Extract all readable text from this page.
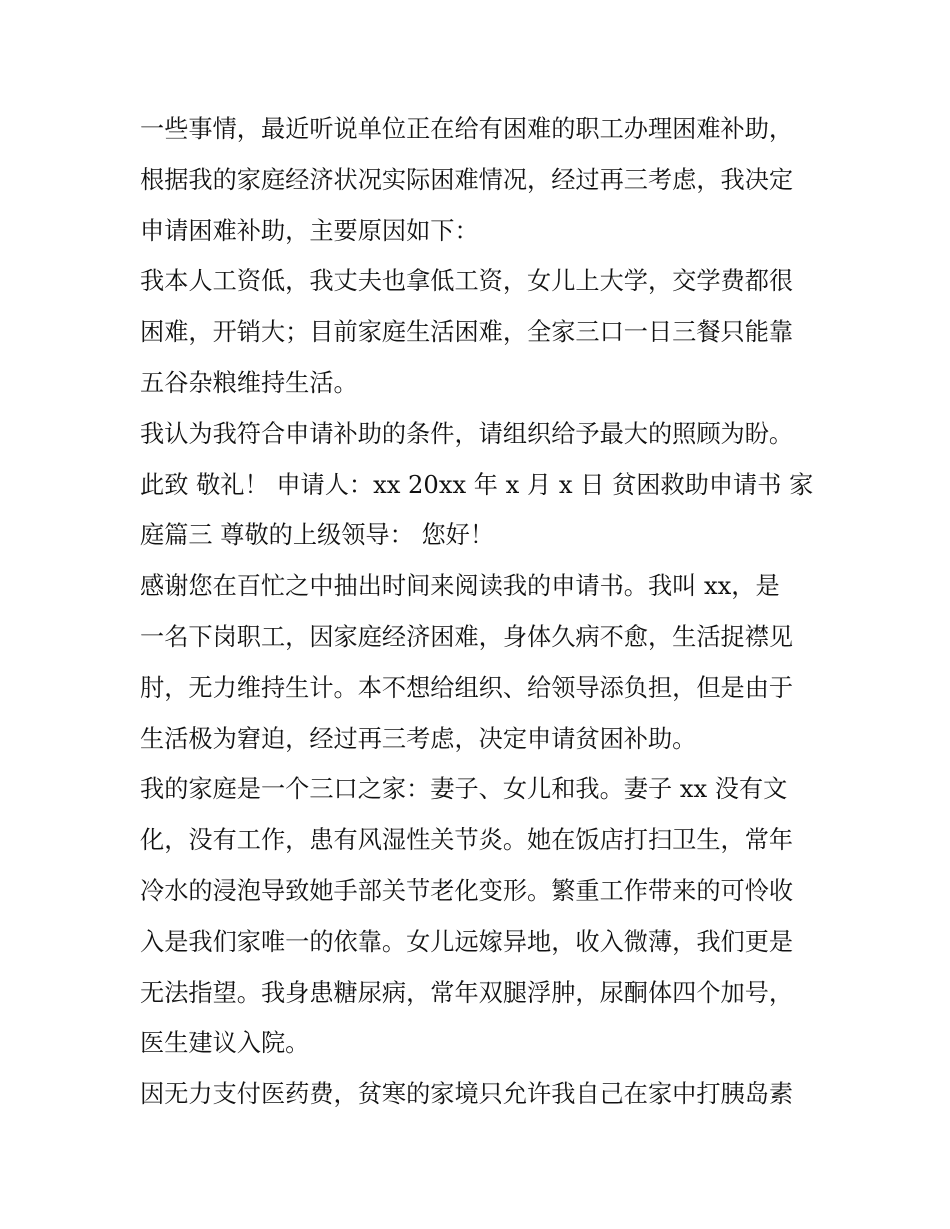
一些事情，最近听说单位正在给有困难的职工办理困难补助，
根据我的家庭经济状况实际困难情况，经过再三考虑，我决定
申请困难补助，主要原因如下：
我本人工资低，我丈夫也拿低工资，女儿上大学，交学费都很
困难，开销大；目前家庭生活困难，全家三口一日三餐只能靠
五谷杂粮维持生活。
我认为我符合申请补助的条件，请组织给予最大的照顾为盼。
此致 敬礼！ 申请人：xx 20xx 年 x 月 x 日 贫困救助申请书 家
庭篇三 尊敬的上级领导： 您好！
感谢您在百忙之中抽出时间来阅读我的申请书。我叫 xx，是
一名下岗职工，因家庭经济困难，身体久病不愈，生活捉襟见
肘，无力维持生计。本不想给组织、给领导添负担，但是由于
生活极为窘迫，经过再三考虑，决定申请贫困补助。
我的家庭是一个三口之家：妻子、女儿和我。妻子 xx 没有文
化，没有工作，患有风湿性关节炎。她在饭店打扫卫生，常年
冷水的浸泡导致她手部关节老化变形。繁重工作带来的可怜收
入是我们家唯一的依靠。女儿远嫁异地，收入微薄，我们更是
无法指望。我身患糖尿病，常年双腿浮肿，尿酮体四个加号，
医生建议入院。
因无力支付医药费，贫寒的家境只允许我自己在家中打胰岛素
